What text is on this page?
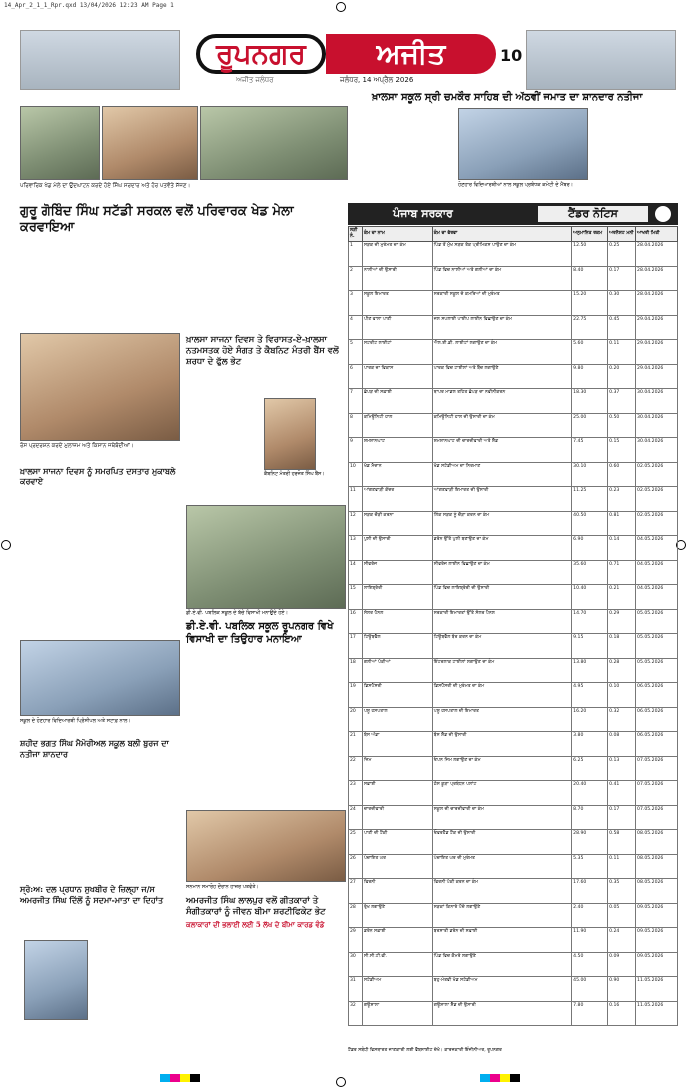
14_Apr_2_1_1_Rpr.qxd 13/04/2026 12:23 AM Page 1
ਰੂਪਨਗਰ	ਅਜੀਤ	10
ਅਜੀਤ ਜਲੰਧਰ	ਜਲੰਧਰ, 14 ਅਪ੍ਰੈਲ 2026
ਪਰਿਵਾਰਿਕ ਖੇਡ ਮੇਲੇ ਦਾ ਉਦਘਾਟਨ ਕਰਦੇ ਹੋਏ ਸਿੰਘ ਸਰਦਾਰ ਅਤੇ ਹੋਰ ਪਤਵੰਤੇ ਸੱਜਣ।
ਖ਼ਾਲਸਾ ਸਕੂਲ ਸ੍ਰੀ ਚਮਕੌਰ ਸਾਹਿਬ ਦੀ ਅੱਠਵੀਂ ਜਮਾਤ ਦਾ ਸ਼ਾਨਦਾਰ ਨਤੀਜਾ
ਹੋਣਹਾਰ ਵਿਦਿਆਰਥੀਆਂ ਨਾਲ ਸਕੂਲ ਪ੍ਰਬੰਧਕ ਕਮੇਟੀ ਦੇ ਮੈਂਬਰ।
ਗੁਰੂ ਗੋਬਿੰਦ ਸਿੰਘ ਸਟੱਡੀ ਸਰਕਲ ਵਲੋਂ ਪਰਿਵਾਰਕ ਖੇਡ ਮੇਲਾ ਕਰਵਾਇਆ
ਰੋਸ ਪ੍ਰਦਰਸ਼ਨ ਕਰਦੇ ਮੁਲਾਜ਼ਮ ਅਤੇ ਕਿਸਾਨ ਜਥੇਬੰਦੀਆਂ।
ਖ਼ਾਲਸਾ ਸਾਜਨਾ ਦਿਵਸ ਨੂੰ ਸਮਰਪਿਤ ਦਸਤਾਰ ਮੁਕਾਬਲੇ ਕਰਵਾਏ
ਖ਼ਾਲਸਾ ਸਾਜਨਾ ਦਿਵਸ ਤੇ ਵਿਰਾਸਤ-ਏ-ਖ਼ਾਲਸਾ ਨਤਮਸਤਕ ਹੋਏ ਸੰਗਤ ਤੇ ਕੈਬਨਿਟ ਮੰਤਰੀ ਬੈਂਸ ਵਲੋਂ ਸ਼ਰਧਾ ਦੇ ਫੁੱਲ ਭੇਟ
ਕੈਬਨਿਟ ਮੰਤਰੀ ਹਰਜੋਤ ਸਿੰਘ ਬੈਂਸ।
ਡੀ.ਏ.ਵੀ. ਪਬਲਿਕ ਸਕੂਲ ਦੇ ਬੱਚੇ ਵਿਸਾਖੀ ਮਨਾਉਂਦੇ ਹੋਏ।
ਡੀ.ਏ.ਵੀ. ਪਬਲਿਕ ਸਕੂਲ ਰੂਪਨਗਰ ਵਿਖੇ ਵਿਸਾਖੀ ਦਾ ਤਿਉਹਾਰ ਮਨਾਇਆ
ਸਕੂਲ ਦੇ ਹੋਣਹਾਰ ਵਿਦਿਆਰਥੀ ਪ੍ਰਿੰਸੀਪਲ ਅਤੇ ਸਟਾਫ਼ ਨਾਲ।
ਸ਼ਹੀਦ ਭਗਤ ਸਿੰਘ ਮੈਮੋਰੀਅਲ ਸਕੂਲ ਬਲੀ ਬੁਰਜ ਦਾ ਨਤੀਜਾ ਸ਼ਾਨਦਾਰ
ਸਨਮਾਨ ਸਮਾਰੋਹ ਦੌਰਾਨ ਹਾਜ਼ਰ ਪਤਵੰਤੇ।
ਸ੍ਰੋ:ਅ: ਦਲ ਪ੍ਰਧਾਨ ਸੁਖਬੀਰ ਦੇ ਜ਼ਿਲ੍ਹਾ ਜ/ਸ ਅਮਰਜੀਤ ਸਿੰਘ ਦਿੱਲੋਂ ਨੂੰ ਸਦਮਾ-ਮਾਤਾ ਦਾ ਦਿਹਾਂਤ	ਅਮਰਜੀਤ ਸਿੰਘ ਲਾਲਪੁਰ ਵਲੋਂ ਗੀਤਕਾਰਾਂ ਤੇ ਸੰਗੀਤਕਾਰਾਂ ਨੂੰ ਜੀਵਨ ਬੀਮਾ ਸ਼ਰਟੀਫਿਕੇਟ ਭੇਟ
ਕਲਾਕਾਰਾਂ ਦੀ ਭਲਾਈ ਲਈ 5 ਲੱਖ ਦੇ ਬੀਮਾ ਕਾਰਡ ਵੰਡੇ
ਪੰਜਾਬ ਸਰਕਾਰ	ਟੈਂਡਰ ਨੋਟਿਸ
ਲੜੀ ਨੰ.	ਕੰਮ ਦਾ ਨਾਮ	ਕੰਮ ਦਾ ਵੇਰਵਾ	ਅਨੁਮਾਨਿਤ ਰਕਮ	ਅਰਨੈਸਟ ਮਨੀ	ਆਖਰੀ ਮਿਤੀ
1	ਸੜਕ ਦੀ ਮੁਰੰਮਤ ਦਾ ਕੰਮ	ਪਿੰਡ ਤੋਂ ਮੁੱਖ ਸੜਕ ਤੱਕ ਪ੍ਰੀਮਿਕਸ ਪਾਉਣ ਦਾ ਕੰਮ	12.50	0.25	28.04.2026
2	ਨਾਲੀਆਂ ਦੀ ਉਸਾਰੀ	ਪਿੰਡ ਵਿਚ ਨਾਲੀਆਂ ਅਤੇ ਗਲੀਆਂ ਦਾ ਕੰਮ	8.40	0.17	28.04.2026
3	ਸਕੂਲ ਇਮਾਰਤ	ਸਰਕਾਰੀ ਸਕੂਲ ਦੇ ਕਮਰਿਆਂ ਦੀ ਮੁਰੰਮਤ	15.20	0.30	28.04.2026
4	ਪੀਣ ਵਾਲਾ ਪਾਣੀ	ਜਲ ਸਪਲਾਈ ਪਾਈਪ ਲਾਈਨ ਵਿਛਾਉਣ ਦਾ ਕੰਮ	22.75	0.45	29.04.2026
5	ਸਟਰੀਟ ਲਾਈਟਾਂ	ਐਲ.ਈ.ਡੀ. ਲਾਈਟਾਂ ਲਗਾਉਣ ਦਾ ਕੰਮ	5.60	0.11	29.04.2026
6	ਪਾਰਕ ਦਾ ਵਿਕਾਸ	ਪਾਰਕ ਵਿਚ ਟਾਈਲਾਂ ਅਤੇ ਬੈਂਚ ਲਗਾਉਣੇ	9.80	0.20	29.04.2026
7	ਛੱਪੜ ਦੀ ਸਫ਼ਾਈ	ਥਾਪਰ ਮਾਡਲ ਤਹਿਤ ਛੱਪੜ ਦਾ ਨਵੀਨੀਕਰਨ	18.30	0.37	30.04.2026
8	ਕਮਿਊਨਿਟੀ ਹਾਲ	ਕਮਿਊਨਿਟੀ ਹਾਲ ਦੀ ਉਸਾਰੀ ਦਾ ਕੰਮ	25.00	0.50	30.04.2026
9	ਸ਼ਮਸ਼ਾਨਘਾਟ	ਸ਼ਮਸ਼ਾਨਘਾਟ ਦੀ ਚਾਰਦੀਵਾਰੀ ਅਤੇ ਸ਼ੈੱਡ	7.45	0.15	30.04.2026
10	ਖੇਡ ਮੈਦਾਨ	ਖੇਡ ਸਟੇਡੀਅਮ ਦਾ ਨਿਰਮਾਣ	30.10	0.60	02.05.2026
11	ਆਂਗਣਵਾੜੀ ਕੇਂਦਰ	ਆਂਗਣਵਾੜੀ ਇਮਾਰਤ ਦੀ ਉਸਾਰੀ	11.25	0.23	02.05.2026
12	ਸੜਕ ਚੌੜੀ ਕਰਨਾ	ਲਿੰਕ ਸੜਕ ਨੂੰ ਚੌੜਾ ਕਰਨ ਦਾ ਕੰਮ	40.50	0.81	02.05.2026
13	ਪੁਲੀ ਦੀ ਉਸਾਰੀ	ਡਰੇਨ ਉੱਤੇ ਪੁਲੀ ਬਣਾਉਣ ਦਾ ਕੰਮ	6.90	0.14	04.05.2026
14	ਸੀਵਰੇਜ	ਸੀਵਰੇਜ ਲਾਈਨ ਵਿਛਾਉਣ ਦਾ ਕੰਮ	35.60	0.71	04.05.2026
15	ਲਾਇਬ੍ਰੇਰੀ	ਪਿੰਡ ਵਿਚ ਲਾਇਬ੍ਰੇਰੀ ਦੀ ਉਸਾਰੀ	10.40	0.21	04.05.2026
16	ਸੋਲਰ ਪੈਨਲ	ਸਰਕਾਰੀ ਇਮਾਰਤਾਂ ਉੱਤੇ ਸੋਲਰ ਪੈਨਲ	14.70	0.29	05.05.2026
17	ਟਿਊਬਵੈੱਲ	ਟਿਊਬਵੈੱਲ ਬੋਰ ਕਰਨ ਦਾ ਕੰਮ	9.15	0.18	05.05.2026
18	ਗਲੀਆਂ ਪੱਕੀਆਂ	ਇੰਟਰਲਾਕ ਟਾਈਲਾਂ ਲਗਾਉਣ ਦਾ ਕੰਮ	13.80	0.28	05.05.2026
19	ਡਿਸਪੈਂਸਰੀ	ਡਿਸਪੈਂਸਰੀ ਦੀ ਮੁਰੰਮਤ ਦਾ ਕੰਮ	4.95	0.10	06.05.2026
20	ਪਸ਼ੂ ਹਸਪਤਾਲ	ਪਸ਼ੂ ਹਸਪਤਾਲ ਦੀ ਇਮਾਰਤ	16.20	0.32	06.05.2026
21	ਬੱਸ ਅੱਡਾ	ਬੱਸ ਸ਼ੈੱਡ ਦੀ ਉਸਾਰੀ	3.80	0.08	06.05.2026
22	ਜਿਮ	ਓਪਨ ਜਿਮ ਲਗਾਉਣ ਦਾ ਕੰਮ	6.25	0.13	07.05.2026
23	ਸਫ਼ਾਈ	ਠੋਸ ਕੂੜਾ ਪ੍ਰਬੰਧਨ ਪਲਾਂਟ	20.40	0.41	07.05.2026
24	ਚਾਰਦੀਵਾਰੀ	ਸਕੂਲ ਦੀ ਚਾਰਦੀਵਾਰੀ ਦਾ ਕੰਮ	8.70	0.17	07.05.2026
25	ਪਾਣੀ ਦੀ ਟੈਂਕੀ	ਓਵਰਹੈੱਡ ਟੈਂਕ ਦੀ ਉਸਾਰੀ	28.90	0.58	08.05.2026
26	ਪੰਚਾਇਤ ਘਰ	ਪੰਚਾਇਤ ਘਰ ਦੀ ਮੁਰੰਮਤ	5.35	0.11	08.05.2026
27	ਫਿਰਨੀ	ਫਿਰਨੀ ਪੱਕੀ ਕਰਨ ਦਾ ਕੰਮ	17.60	0.35	08.05.2026
28	ਰੁੱਖ ਲਗਾਉਣੇ	ਸੜਕਾਂ ਕਿਨਾਰੇ ਪੌਦੇ ਲਗਾਉਣੇ	2.40	0.05	09.05.2026
29	ਡਰੇਨ ਸਫ਼ਾਈ	ਬਰਸਾਤੀ ਡਰੇਨ ਦੀ ਸਫ਼ਾਈ	11.90	0.24	09.05.2026
30	ਸੀ.ਸੀ.ਟੀ.ਵੀ.	ਪਿੰਡ ਵਿਚ ਕੈਮਰੇ ਲਗਾਉਣੇ	4.50	0.09	09.05.2026
31	ਸਟੇਡੀਅਮ	ਬਹੁ-ਮੰਤਵੀ ਖੇਡ ਸਟੇਡੀਅਮ	45.00	0.90	11.05.2026
32	ਗਊਸ਼ਾਲਾ	ਗਊਸ਼ਾਲਾ ਸ਼ੈੱਡ ਦੀ ਉਸਾਰੀ	7.80	0.16	11.05.2026
ਟੈਂਡਰ ਸਬੰਧੀ ਵਿਸਥਾਰਤ ਜਾਣਕਾਰੀ ਲਈ ਵੈੱਬਸਾਈਟ ਦੇਖੋ। ਕਾਰਜਕਾਰੀ ਇੰਜੀਨੀਅਰ, ਰੂਪਨਗਰ
